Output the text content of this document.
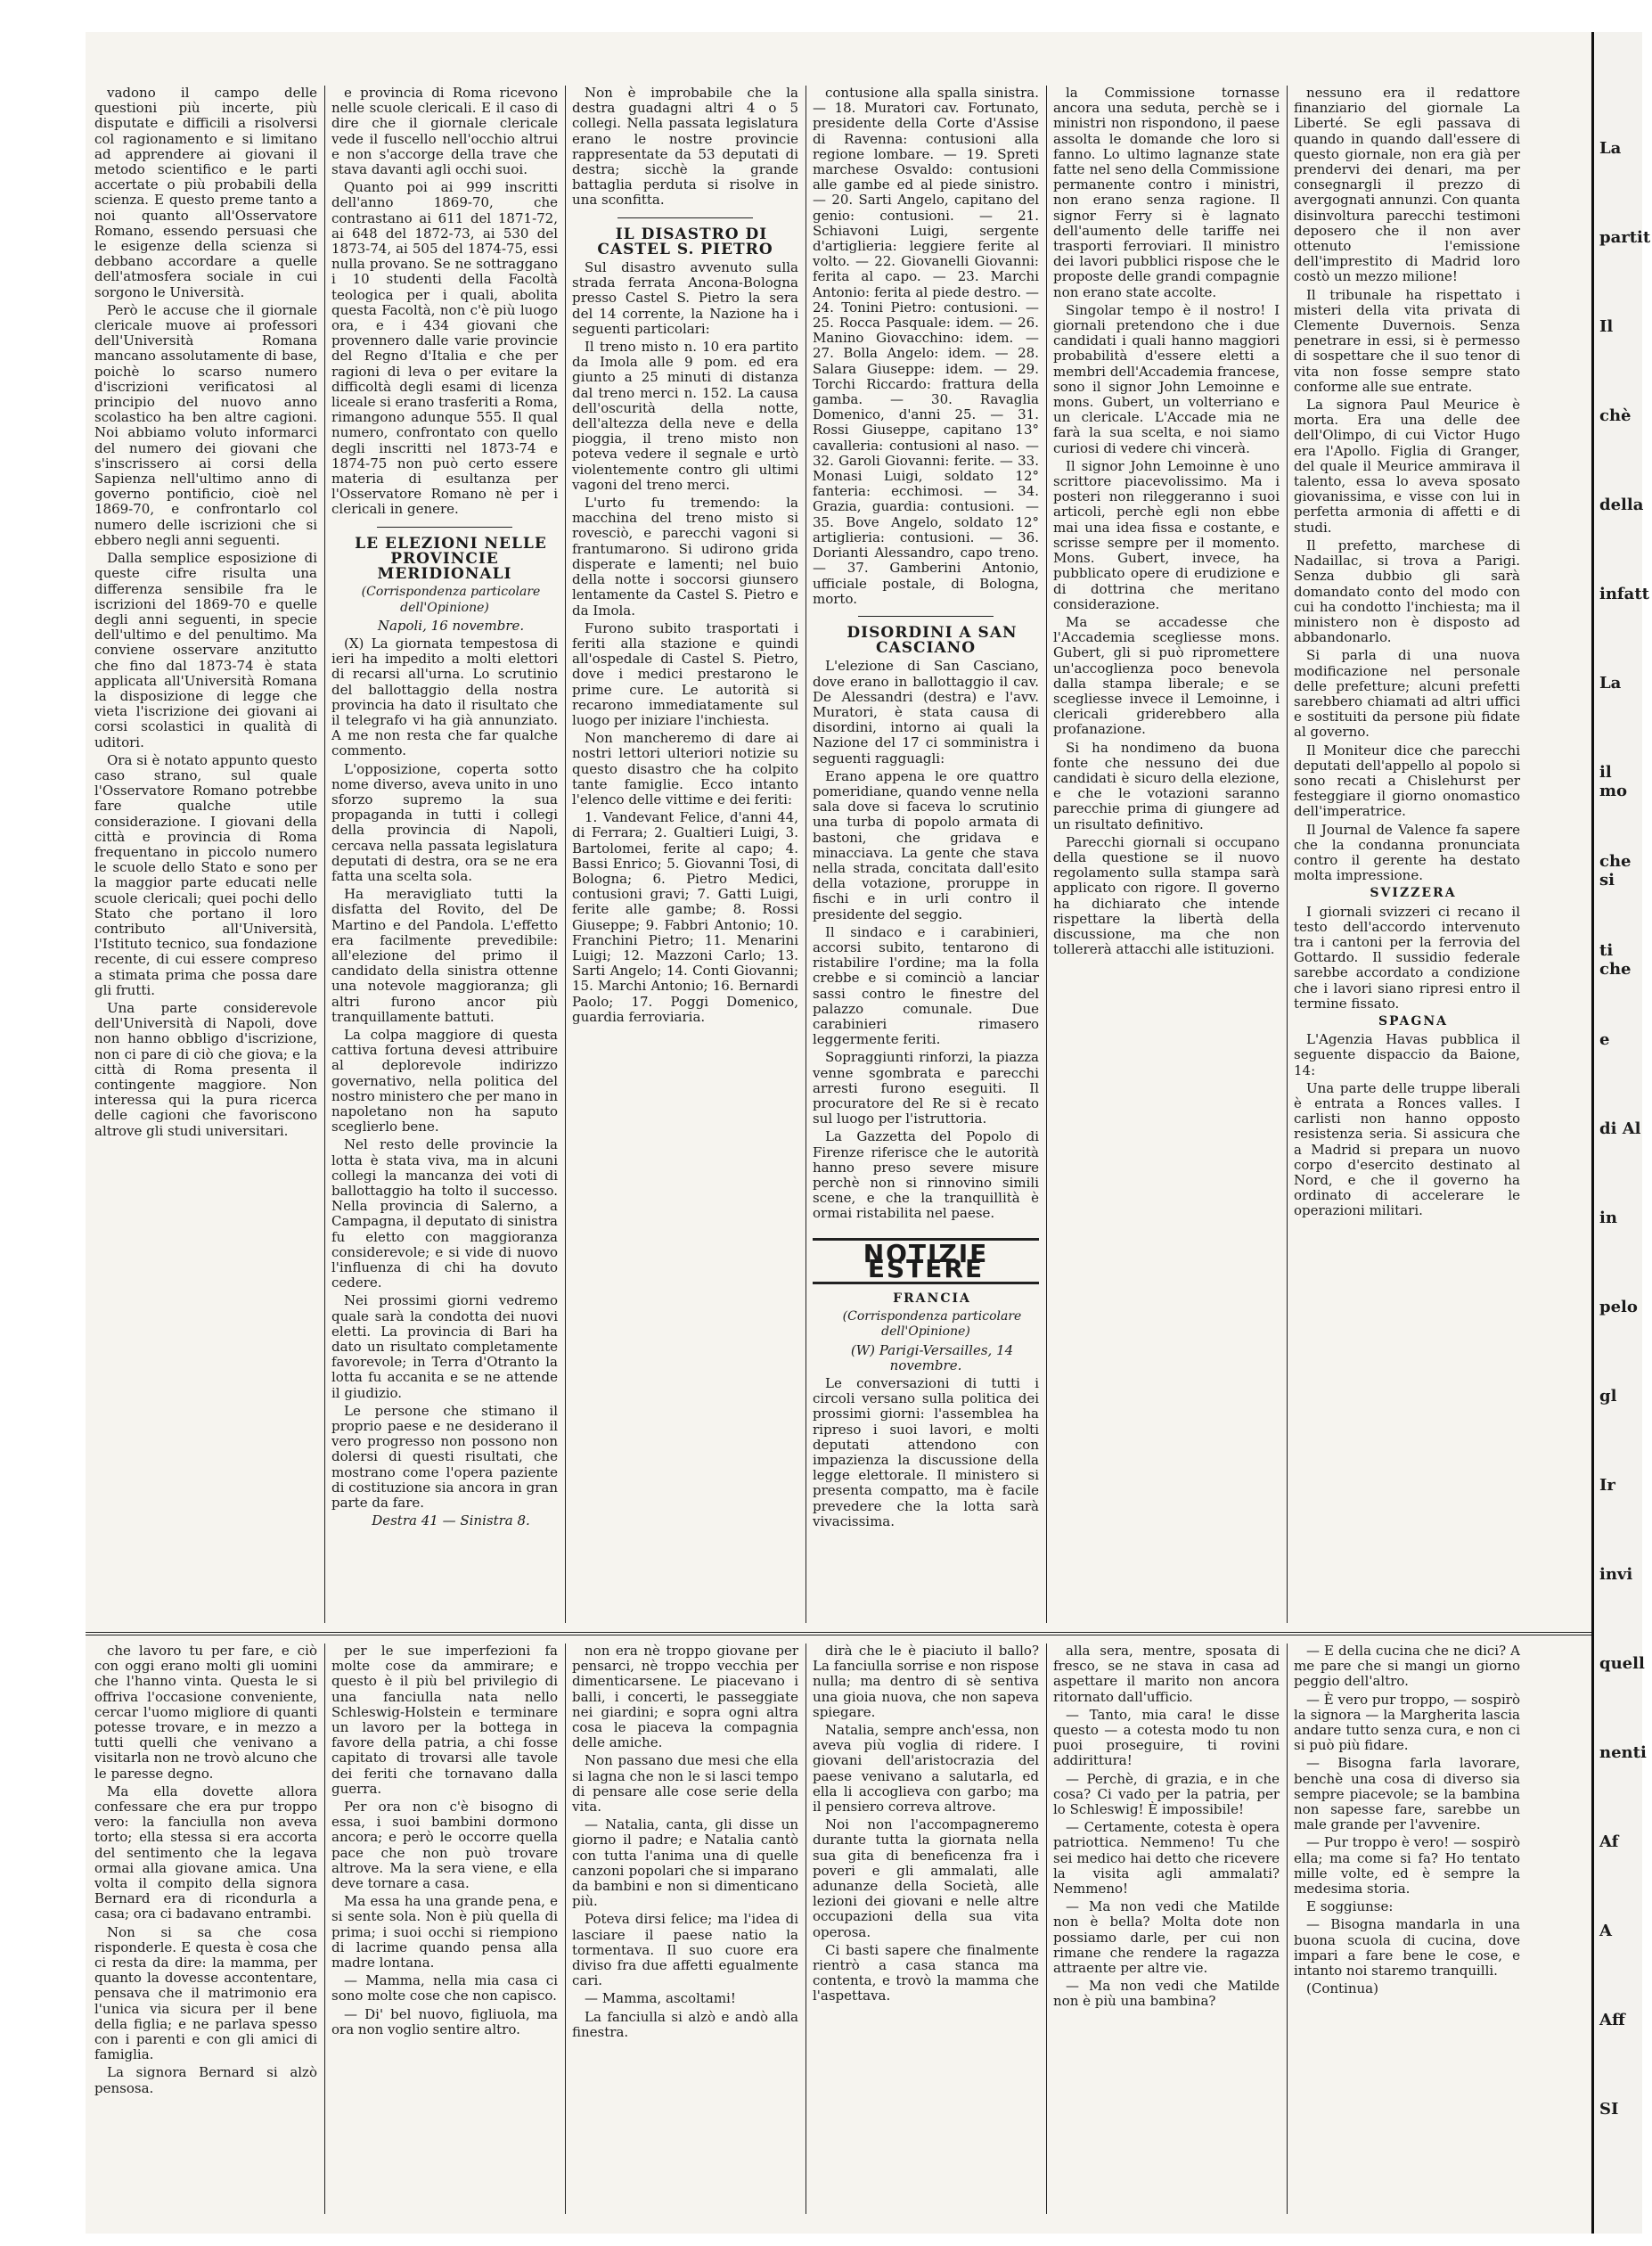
vadono il campo delle questioni più incerte, più disputate e difficili a risolversi col ragionamento e si limitano ad apprendere ai giovani il metodo scientifico e le parti accertate o più probabili della scienza. E questo preme tanto a noi quanto all'Osservatore Romano, essendo persuasi che le esigenze della scienza si debbano accordare a quelle dell'atmosfera sociale in cui sorgono le Università.

Però le accuse che il giornale clericale muove ai professori dell'Università Romana mancano assolutamente di base, poichè lo scarso numero d'iscrizioni verificatosi al principio del nuovo anno scolastico ha ben altre cagioni. Noi abbiamo voluto informarci del numero dei giovani che s'inscrissero ai corsi della Sapienza nell'ultimo anno di governo pontificio, cioè nel 1869-70, e confrontarlo col numero delle iscrizioni che si ebbero negli anni seguenti.

Dalla semplice esposizione di queste cifre risulta una differenza sensibile fra le iscrizioni del 1869-70 e quelle degli anni seguenti, in specie dell'ultimo e del penultimo. Ma conviene osservare anzitutto che fino dal 1873-74 è stata applicata all'Università Romana la disposizione di legge che vieta l'iscrizione dei giovani ai corsi scolastici in qualità di uditori.

Ora si è notato appunto questo caso strano, sul quale l'Osservatore Romano potrebbe fare qualche utile considerazione. I giovani della città e provincia di Roma frequentano in piccolo numero le scuole dello Stato e sono per la maggior parte educati nelle scuole clericali; quei pochi dello Stato che portano il loro contributo all'Università, l'Istituto tecnico, sua fondazione recente, di cui essere compreso a stimata prima che possa dare gli frutti.

Una parte considerevole dell'Università di Napoli, dove non hanno obbligo d'iscrizione, non ci pare di ciò che giova; e la città di Roma presenta il contingente maggiore. Non interessa qui la pura ricerca delle cagioni che favoriscono altrove gli studi universitari.

e provincia di Roma ricevono nelle scuole clericali. E il caso di dire che il giornale clericale vede il fuscello nell'occhio altrui e non s'accorge della trave che stava davanti agli occhi suoi.

Quanto poi ai 999 inscritti dell'anno 1869-70, che contrastano ai 611 del 1871-72, ai 648 del 1872-73, ai 530 del 1873-74, ai 505 del 1874-75, essi nulla provano. Se ne sottraggano i 10 studenti della Facoltà teologica per i quali, abolita questa Facoltà, non c'è più luogo ora, e i 434 giovani che provennero dalle varie provincie del Regno d'Italia e che per ragioni di leva o per evitare la difficoltà degli esami di licenza liceale si erano trasferiti a Roma, rimangono adunque 555. Il qual numero, confrontato con quello degli inscritti nel 1873-74 e 1874-75 non può certo essere materia di esultanza per l'Osservatore Romano nè per i clericali in genere.

LE ELEZIONI NELLE PROVINCIE MERIDIONALI

(Corrispondenza particolare dell'Opinione)

Napoli, 16 novembre.

(X) La giornata tempestosa di ieri ha impedito a molti elettori di recarsi all'urna. Lo scrutinio del ballottaggio della nostra provincia ha dato il risultato che il telegrafo vi ha già annunziato. A me non resta che far qualche commento.

L'opposizione, coperta sotto nome diverso, aveva unito in uno sforzo supremo la sua propaganda in tutti i collegi della provincia di Napoli, cercava nella passata legislatura deputati di destra, ora se ne era fatta una scelta sola.

Ha meravigliato tutti la disfatta del Rovito, del De Martino e del Pandola. L'effetto era facilmente prevedibile: all'elezione del primo il candidato della sinistra ottenne una notevole maggioranza; gli altri furono ancor più tranquillamente battuti.

La colpa maggiore di questa cattiva fortuna devesi attribuire al deplorevole indirizzo governativo, nella politica del nostro ministero che per mano in napoletano non ha saputo sceglierlo bene.

Nel resto delle provincie la lotta è stata viva, ma in alcuni collegi la mancanza dei voti di ballottaggio ha tolto il successo. Nella provincia di Salerno, a Campagna, il deputato di sinistra fu eletto con maggioranza considerevole; e si vide di nuovo l'influenza di chi ha dovuto cedere.

Nei prossimi giorni vedremo quale sarà la condotta dei nuovi eletti. La provincia di Bari ha dato un risultato completamente favorevole; in Terra d'Otranto la lotta fu accanita e se ne attende il giudizio.

Le persone che stimano il proprio paese e ne desiderano il vero progresso non possono non dolersi di questi risultati, che mostrano come l'opera paziente di costituzione sia ancora in gran parte da fare.

Destra 41 — Sinistra 8.

Non è improbabile che la destra guadagni altri 4 o 5 collegi. Nella passata legislatura erano le nostre provincie rappresentate da 53 deputati di destra; sicchè la grande battaglia perduta si risolve in una sconfitta.

IL DISASTRO DI CASTEL S. PIETRO

Sul disastro avvenuto sulla strada ferrata Ancona-Bologna presso Castel S. Pietro la sera del 14 corrente, la Nazione ha i seguenti particolari:

Il treno misto n. 10 era partito da Imola alle 9 pom. ed era giunto a 25 minuti di distanza dal treno merci n. 152. La causa dell'oscurità della notte, dell'altezza della neve e della pioggia, il treno misto non poteva vedere il segnale e urtò violentemente contro gli ultimi vagoni del treno merci.

L'urto fu tremendo: la macchina del treno misto si rovesciò, e parecchi vagoni si frantumarono. Si udirono grida disperate e lamenti; nel buio della notte i soccorsi giunsero lentamente da Castel S. Pietro e da Imola.

Furono subito trasportati i feriti alla stazione e quindi all'ospedale di Castel S. Pietro, dove i medici prestarono le prime cure. Le autorità si recarono immediatamente sul luogo per iniziare l'inchiesta.

Non mancheremo di dare ai nostri lettori ulteriori notizie su questo disastro che ha colpito tante famiglie. Ecco intanto l'elenco delle vittime e dei feriti:

1. Vandevant Felice, d'anni 44, di Ferrara; 2. Gualtieri Luigi, 3. Bartolomei, ferite al capo; 4. Bassi Enrico; 5. Giovanni Tosi, di Bologna; 6. Pietro Medici, contusioni gravi; 7. Gatti Luigi, ferite alle gambe; 8. Rossi Giuseppe; 9. Fabbri Antonio; 10. Franchini Pietro; 11. Menarini Luigi; 12. Mazzoni Carlo; 13. Sarti Angelo; 14. Conti Giovanni; 15. Marchi Antonio; 16. Bernardi Paolo; 17. Poggi Domenico, guardia ferroviaria.

contusione alla spalla sinistra. — 18. Muratori cav. Fortunato, presidente della Corte d'Assise di Ravenna: contusioni alla regione lombare. — 19. Spreti marchese Osvaldo: contusioni alle gambe ed al piede sinistro. — 20. Sarti Angelo, capitano del genio: contusioni. — 21. Schiavoni Luigi, sergente d'artiglieria: leggiere ferite al volto. — 22. Giovanelli Giovanni: ferita al capo. — 23. Marchi Antonio: ferita al piede destro. — 24. Tonini Pietro: contusioni. — 25. Rocca Pasquale: idem. — 26. Manino Giovacchino: idem. — 27. Bolla Angelo: idem. — 28. Salara Giuseppe: idem. — 29. Torchi Riccardo: frattura della gamba. — 30. Ravaglia Domenico, d'anni 25. — 31. Rossi Giuseppe, capitano 13° cavalleria: contusioni al naso. — 32. Garoli Giovanni: ferite. — 33. Monasi Luigi, soldato 12° fanteria: ecchimosi. — 34. Grazia, guardia: contusioni. — 35. Bove Angelo, soldato 12° artiglieria: contusioni. — 36. Dorianti Alessandro, capo treno. — 37. Gamberini Antonio, ufficiale postale, di Bologna, morto.

DISORDINI A SAN CASCIANO

L'elezione di San Casciano, dove erano in ballottaggio il cav. De Alessandri (destra) e l'avv. Muratori, è stata causa di disordini, intorno ai quali la Nazione del 17 ci somministra i seguenti ragguagli:

Erano appena le ore quattro pomeridiane, quando venne nella sala dove si faceva lo scrutinio una turba di popolo armata di bastoni, che gridava e minacciava. La gente che stava nella strada, concitata dall'esito della votazione, proruppe in fischi e in urli contro il presidente del seggio.

Il sindaco e i carabinieri, accorsi subito, tentarono di ristabilire l'ordine; ma la folla crebbe e si cominciò a lanciar sassi contro le finestre del palazzo comunale. Due carabinieri rimasero leggermente feriti.

Sopraggiunti rinforzi, la piazza venne sgombrata e parecchi arresti furono eseguiti. Il procuratore del Re si è recato sul luogo per l'istruttoria.

La Gazzetta del Popolo di Firenze riferisce che le autorità hanno preso severe misure perchè non si rinnovino simili scene, e che la tranquillità è ormai ristabilita nel paese.

NOTIZIE ESTERE

FRANCIA

(Corrispondenza particolare dell'Opinione)

(W) Parigi-Versailles, 14 novembre.

Le conversazioni di tutti i circoli versano sulla politica dei prossimi giorni: l'assemblea ha ripreso i suoi lavori, e molti deputati attendono con impazienza la discussione della legge elettorale. Il ministero si presenta compatto, ma è facile prevedere che la lotta sarà vivacissima.

la Commissione tornasse ancora una seduta, perchè se i ministri non rispondono, il paese assolta le domande che loro si fanno. Lo ultimo lagnanze state fatte nel seno della Commissione permanente contro i ministri, non erano senza ragione. Il signor Ferry si è lagnato dell'aumento delle tariffe nei trasporti ferroviari. Il ministro dei lavori pubblici rispose che le proposte delle grandi compagnie non erano state accolte.

Singolar tempo è il nostro! I giornali pretendono che i due candidati i quali hanno maggiori probabilità d'essere eletti a membri dell'Accademia francese, sono il signor John Lemoinne e mons. Gubert, un volterriano e un clericale. L'Accade mia ne farà la sua scelta, e noi siamo curiosi di vedere chi vincerà.

Il signor John Lemoinne è uno scrittore piacevolissimo. Ma i posteri non rileggeranno i suoi articoli, perchè egli non ebbe mai una idea fissa e costante, e scrisse sempre per il momento. Mons. Gubert, invece, ha pubblicato opere di erudizione e di dottrina che meritano considerazione.

Ma se accadesse che l'Accademia scegliesse mons. Gubert, gli si può ripromettere un'accoglienza poco benevola dalla stampa liberale; e se scegliesse invece il Lemoinne, i clericali griderebbero alla profanazione.

Si ha nondimeno da buona fonte che nessuno dei due candidati è sicuro della elezione, e che le votazioni saranno parecchie prima di giungere ad un risultato definitivo.

Parecchi giornali si occupano della questione se il nuovo regolamento sulla stampa sarà applicato con rigore. Il governo ha dichiarato che intende rispettare la libertà della discussione, ma che non tollererà attacchi alle istituzioni.

nessuno era il redattore finanziario del giornale La Liberté. Se egli passava di quando in quando dall'essere di questo giornale, non era già per prendervi dei denari, ma per consegnargli il prezzo di avergognati annunzi. Con quanta disinvoltura parecchi testimoni deposero che il non aver ottenuto l'emissione dell'imprestito di Madrid loro costò un mezzo milione!

Il tribunale ha rispettato i misteri della vita privata di Clemente Duvernois. Senza penetrare in essi, si è permesso di sospettare che il suo tenor di vita non fosse sempre stato conforme alle sue entrate.

La signora Paul Meurice è morta. Era una delle dee dell'Olimpo, di cui Victor Hugo era l'Apollo. Figlia di Granger, del quale il Meurice ammirava il talento, essa lo aveva sposato giovanissima, e visse con lui in perfetta armonia di affetti e di studi.

Il prefetto, marchese di Nadaillac, si trova a Parigi. Senza dubbio gli sarà domandato conto del modo con cui ha condotto l'inchiesta; ma il ministero non è disposto ad abbandonarlo.

Si parla di una nuova modificazione nel personale delle prefetture; alcuni prefetti sarebbero chiamati ad altri uffici e sostituiti da persone più fidate al governo.

Il Moniteur dice che parecchi deputati dell'appello al popolo si sono recati a Chislehurst per festeggiare il giorno onomastico dell'imperatrice.

Il Journal de Valence fa sapere che la condanna pronunciata contro il gerente ha destato molta impressione.

SVIZZERA

I giornali svizzeri ci recano il testo dell'accordo intervenuto tra i cantoni per la ferrovia del Gottardo. Il sussidio federale sarebbe accordato a condizione che i lavori siano ripresi entro il termine fissato.

SPAGNA

L'Agenzia Havas pubblica il seguente dispaccio da Baione, 14:

Una parte delle truppe liberali è entrata a Ronces valles. I carlisti non hanno opposto resistenza seria. Si assicura che a Madrid si prepara un nuovo corpo d'esercito destinato al Nord, e che il governo ha ordinato di accelerare le operazioni militari.

che lavoro tu per fare, e ciò con oggi erano molti gli uomini che l'hanno vinta. Questa le si offriva l'occasione conveniente, cercar l'uomo migliore di quanti potesse trovare, e in mezzo a tutti quelli che venivano a visitarla non ne trovò alcuno che le paresse degno.

Ma ella dovette allora confessare che era pur troppo vero: la fanciulla non aveva torto; ella stessa si era accorta del sentimento che la legava ormai alla giovane amica. Una volta il compito della signora Bernard era di ricondurla a casa; ora ci badavano entrambi.

Non si sa che cosa risponderle. E questa è cosa che ci resta da dire: la mamma, per quanto la dovesse accontentare, pensava che il matrimonio era l'unica via sicura per il bene della figlia; e ne parlava spesso con i parenti e con gli amici di famiglia.

La signora Bernard si alzò pensosa.

per le sue imperfezioni fa molte cose da ammirare; e questo è il più bel privilegio di una fanciulla nata nello Schleswig-Holstein e terminare un lavoro per la bottega in favore della patria, a chi fosse capitato di trovarsi alle tavole dei feriti che tornavano dalla guerra.

Per ora non c'è bisogno di essa, i suoi bambini dormono ancora; e però le occorre quella pace che non può trovare altrove. Ma la sera viene, e ella deve tornare a casa.

Ma essa ha una grande pena, e si sente sola. Non è più quella di prima; i suoi occhi si riempiono di lacrime quando pensa alla madre lontana.

— Mamma, nella mia casa ci sono molte cose che non capisco.

— Di' bel nuovo, figliuola, ma ora non voglio sentire altro.

non era nè troppo giovane per pensarci, nè troppo vecchia per dimenticarsene. Le piacevano i balli, i concerti, le passeggiate nei giardini; e sopra ogni altra cosa le piaceva la compagnia delle amiche.

Non passano due mesi che ella si lagna che non le si lasci tempo di pensare alle cose serie della vita.

— Natalia, canta, gli disse un giorno il padre; e Natalia cantò con tutta l'anima una di quelle canzoni popolari che si imparano da bambini e non si dimenticano più.

Poteva dirsi felice; ma l'idea di lasciare il paese natio la tormentava. Il suo cuore era diviso fra due affetti egualmente cari.

— Mamma, ascoltami!

La fanciulla si alzò e andò alla finestra.

dirà che le è piaciuto il ballo? La fanciulla sorrise e non rispose nulla; ma dentro di sè sentiva una gioia nuova, che non sapeva spiegare.

Natalia, sempre anch'essa, non aveva più voglia di ridere. I giovani dell'aristocrazia del paese venivano a salutarla, ed ella li accoglieva con garbo; ma il pensiero correva altrove.

Noi non l'accompagneremo durante tutta la giornata nella sua gita di beneficenza fra i poveri e gli ammalati, alle adunanze della Società, alle lezioni dei giovani e nelle altre occupazioni della sua vita operosa.

Ci basti sapere che finalmente rientrò a casa stanca ma contenta, e trovò la mamma che l'aspettava.

alla sera, mentre, sposata di fresco, se ne stava in casa ad aspettare il marito non ancora ritornato dall'ufficio.

— Tanto, mia cara! le disse questo — a cotesta modo tu non puoi proseguire, ti rovini addirittura!

— Perchè, di grazia, e in che cosa? Ci vado per la patria, per lo Schleswig! È impossibile!

— Certamente, cotesta è opera patriottica. Nemmeno! Tu che sei medico hai detto che ricevere la visita agli ammalati? Nemmeno!

— Ma non vedi che Matilde non è bella? Molta dote non possiamo darle, per cui non rimane che rendere la ragazza attraente per altre vie.

— Ma non vedi che Matilde non è più una bambina?

— E della cucina che ne dici? A me pare che si mangi un giorno peggio dell'altro.

— È vero pur troppo, — sospirò la signora — la Margherita lascia andare tutto senza cura, e non ci si può più fidare.

— Bisogna farla lavorare, benchè una cosa di diverso sia sempre piacevole; se la bambina non sapesse fare, sarebbe un male grande per l'avvenire.

— Pur troppo è vero! — sospirò ella; ma come si fa? Ho tentato mille volte, ed è sempre la medesima storia.

E soggiunse:

— Bisogna mandarla in una buona scuola di cucina, dove impari a fare bene le cose, e intanto noi staremo tranquilli.

(Continua)

La
partit
Il
chè
della
infatt
La
il mo
che si
ti che
e
di Al
in
pelo
gl
Ir
invi
quell
nenti
Af
A
Aff
SI
